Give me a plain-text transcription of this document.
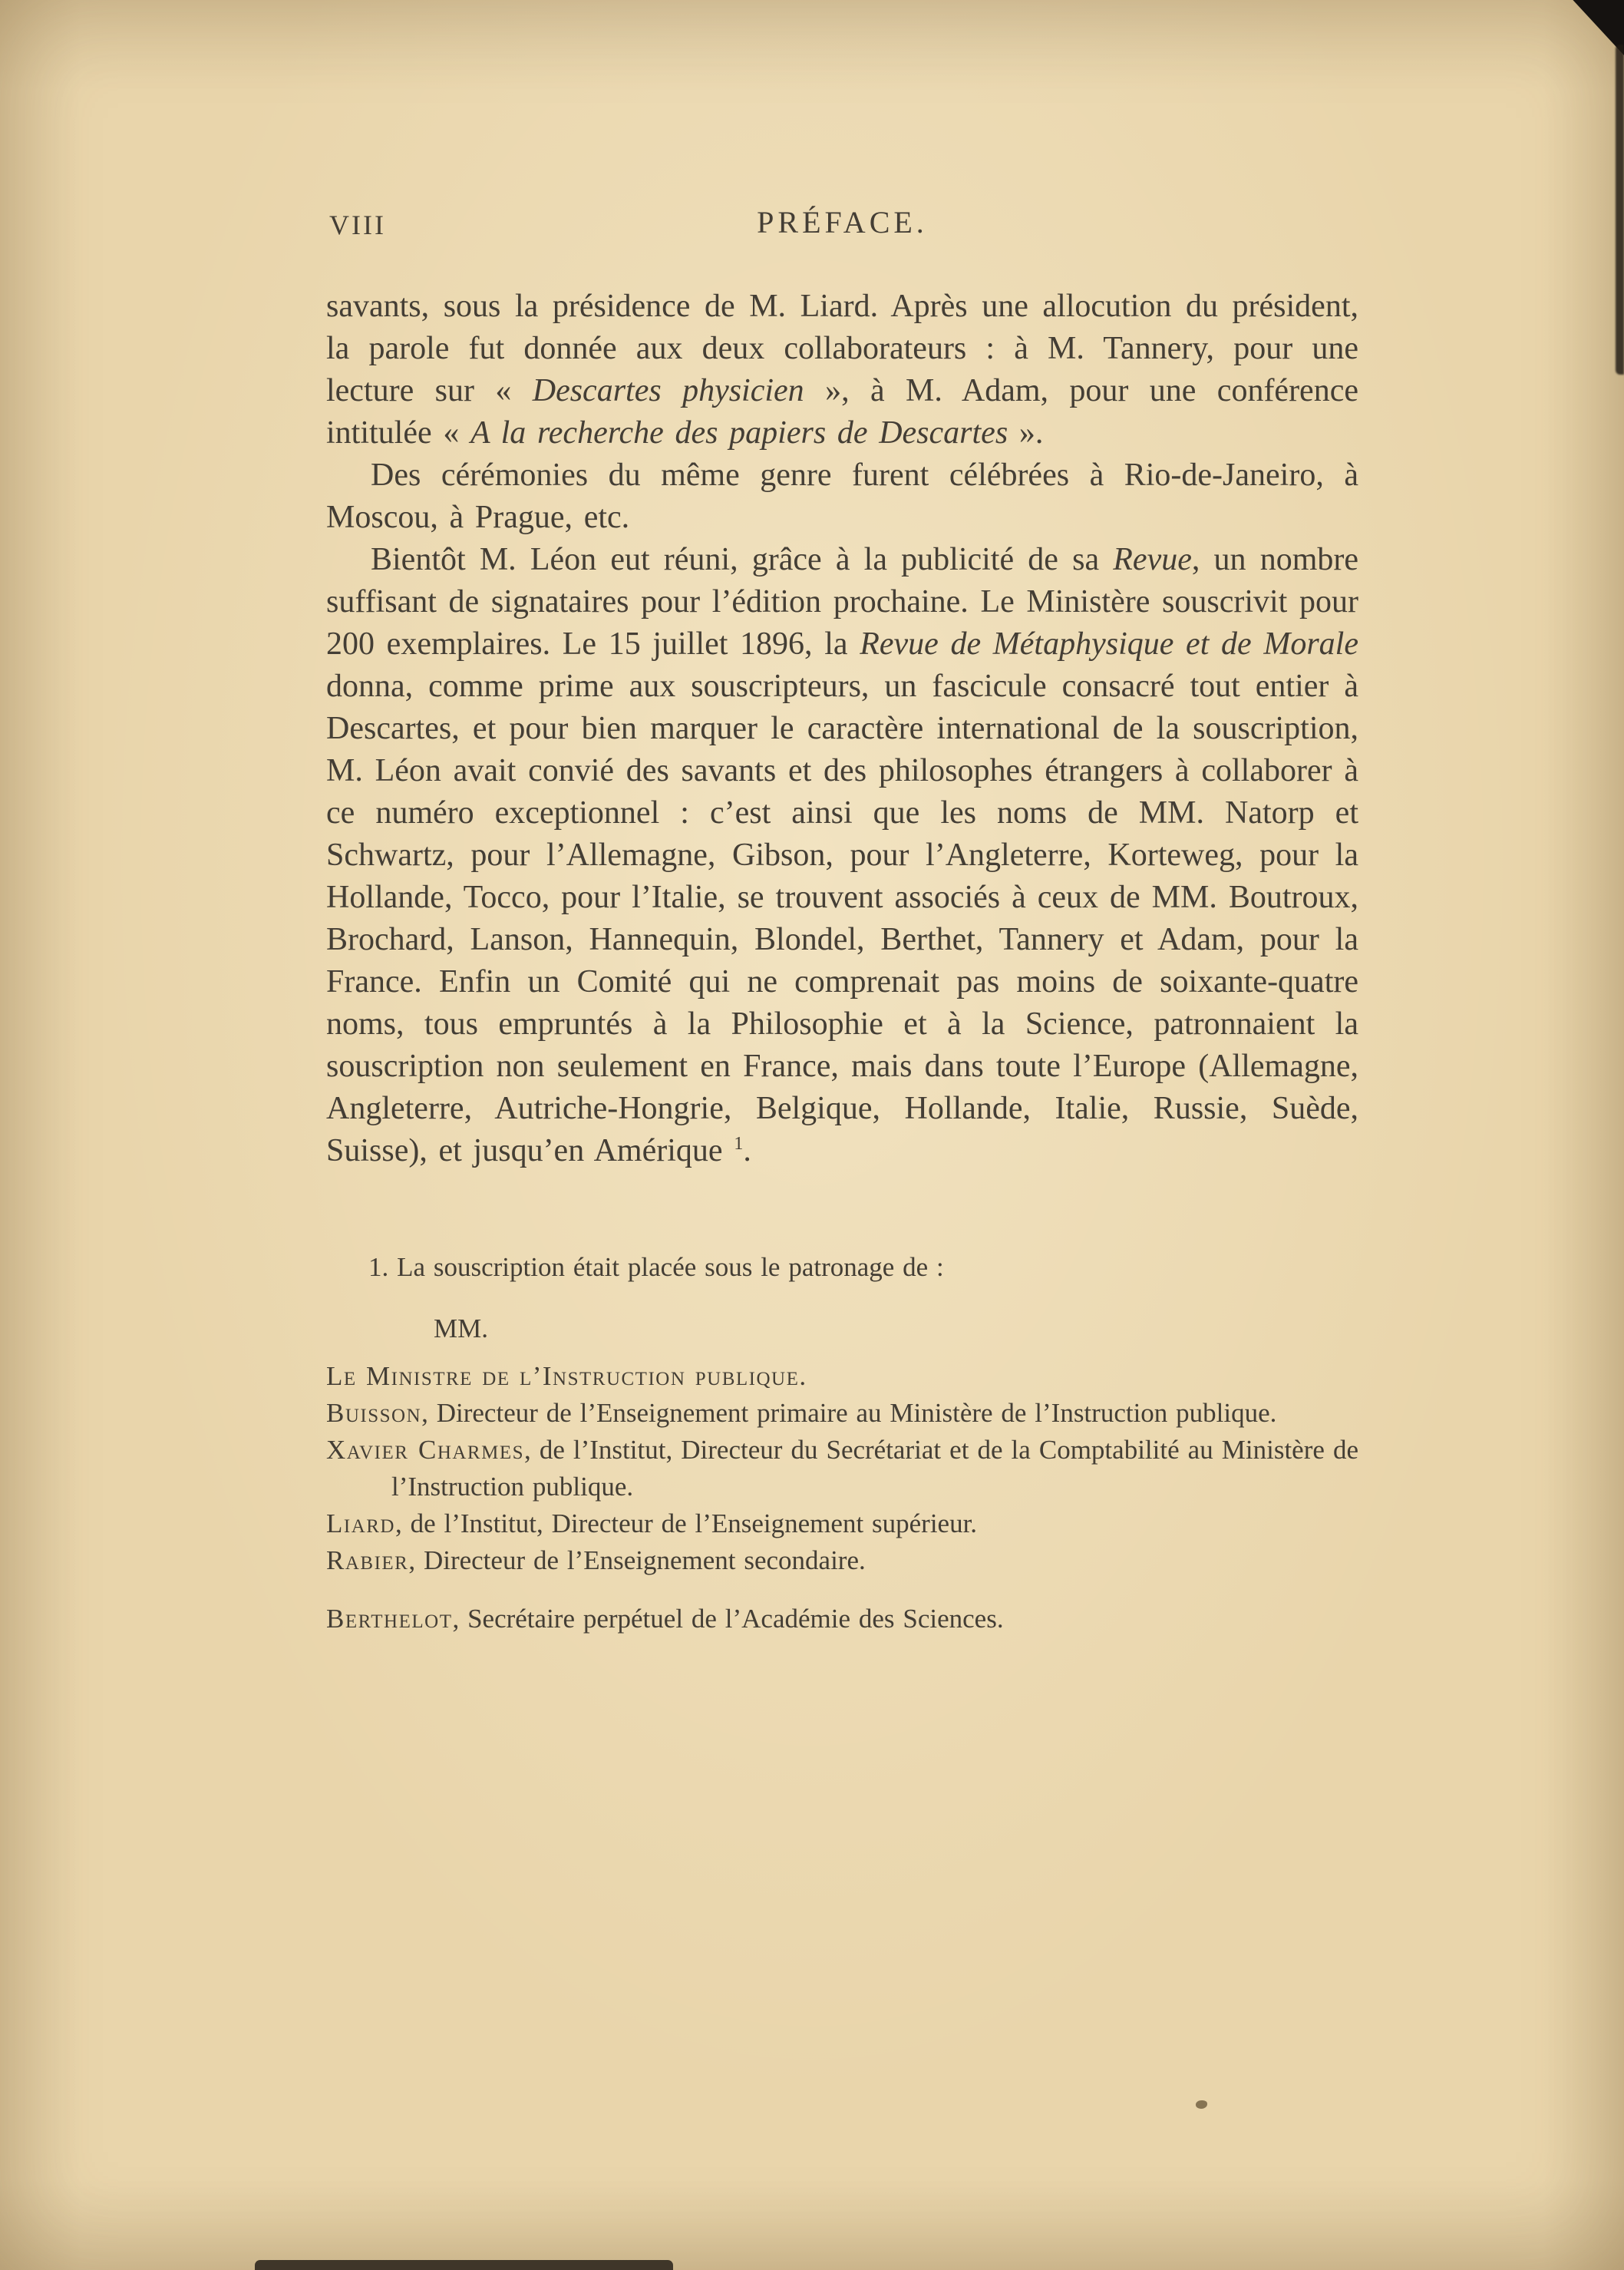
VIII	PRÉFACE.

savants, sous la présidence de M. Liard. Après une allocution du président, la parole fut donnée aux deux collaborateurs : à M. Tannery, pour une lecture sur « Descartes physicien », à M. Adam, pour une conférence intitulée « A la recherche des papiers de Descartes ».

Des cérémonies du même genre furent célébrées à Rio-de-Janeiro, à Moscou, à Prague, etc.

Bientôt M. Léon eut réuni, grâce à la publicité de sa Revue, un nombre suffisant de signataires pour l’édition prochaine. Le Ministère souscrivit pour 200 exemplaires. Le 15 juillet 1896, la Revue de Métaphysique et de Morale donna, comme prime aux souscripteurs, un fascicule consacré tout entier à Descartes, et pour bien marquer le caractère international de la souscription, M. Léon avait convié des savants et des philosophes étrangers à collaborer à ce numéro exceptionnel : c’est ainsi que les noms de MM. Natorp et Schwartz, pour l’Allemagne, Gibson, pour l’Angleterre, Korteweg, pour la Hollande, Tocco, pour l’Italie, se trouvent associés à ceux de MM. Boutroux, Brochard, Lanson, Hannequin, Blondel, Berthet, Tannery et Adam, pour la France. Enfin un Comité qui ne comprenait pas moins de soixante-quatre noms, tous empruntés à la Philosophie et à la Science, patronnaient la souscription non seulement en France, mais dans toute l’Europe (Allemagne, Angleterre, Autriche-Hongrie, Belgique, Hollande, Italie, Russie, Suède, Suisse), et jusqu’en Amérique $^1$.

1. La souscription était placée sous le patronage de :

MM.

Le Ministre de l’Instruction publique.

Buisson, Directeur de l’Enseignement primaire au Ministère de l’Instruction publique.

Xavier Charmes, de l’Institut, Directeur du Secrétariat et de la Comptabilité au Ministère de l’Instruction publique.

Liard, de l’Institut, Directeur de l’Enseignement supérieur.

Rabier, Directeur de l’Enseignement secondaire.

Berthelot, Secrétaire perpétuel de l’Académie des Sciences.
